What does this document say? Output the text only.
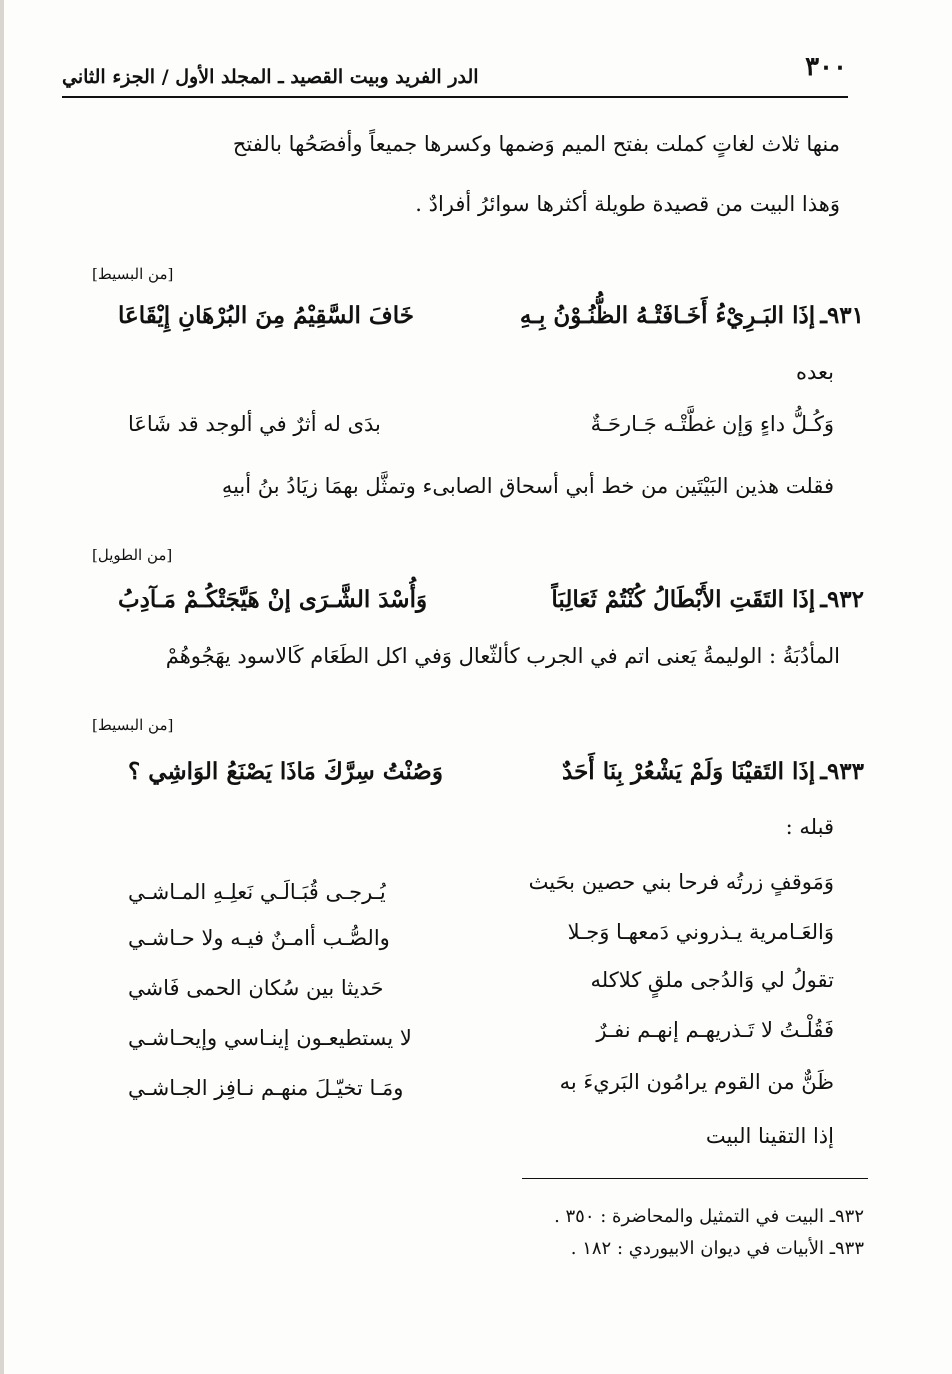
٣٠٠
الدر الفريد وبيت القصيد ـ المجلد الأول / الجزء الثاني
منها ثلاث لغاتٍ كملت بفتح الميم وَضمها وكسرها جميعاً وأفصَحُها بالفتح
وَهذا البيت من قصيدة طويلة أكثرها سوائرُ أفرادٌ .
[من البسيط]
٩٣١ـ إذَا البَـرِيْءُ أَخَـافَتْـهُ الظُّنُـوْنُ بِـهِ
خَافَ السَّقِيْمُ مِنَ البُرْهَانِ إِيْقَاعَا
بعده
وَكُـلُّ داءٍ وَإن غطَّتْـه جَـارحَـةٌ
بدَى له أثرٌ في ألوجد قد شَاعَا
فقلت هذين البَيْتَين من خط أبي أسحاق الصابىء وتمثَّل بهمَا زيَادُ بنُ أبيهِ
[من الطويل]
٩٣٢ـ إذَا التَقَتِ الأَبْطَالُ كُنْتُمْ ثَعَالِبَاً
وَأُسْدَ الشَّـرَى إنْ هَيَّجَتْكُـمْ مَـآدِبُ
المأدُبَةُ : الوليمةُ يَعنى اتم في الجرب كألثّعال وَفي اكل الطَعَام كَالاسود يهَجُوهُمْ
[من البسيط]
٩٣٣ـ إذَا التَقيْنَا وَلَمْ يَشْعُرْ بِنَا أَحَدٌ
وَصُنْتُ سِرَّكَ مَاذَا يَصْنَعُ الوَاشِي ؟
قبله :
وَمَوقفٍ زرتُه فرحا بني حصين بحَيث
يُـرجـى قُبَـالَـي نَعلِـهِ المـاشـي
وَالعَـامرية يـذروني دَمعهـا وَجـلا
والصُّـب أامـنٌ فيـه ولا حـاشـي
تقولُ لي وَالدُجى ملقٍ كلاكله
حَديثا بين سُكان الحمى فَاشي
فَقُلْـتُ لا تَـذريهـم إنهـم نفـرٌ
لا يستطيعـون إينـاسي وإيحـاشـي
ظَنٌّ من القوم يرامُون البَريءَ به
ومَـا تخيّـلَ منهـم نـافِز الجـاشـي
إذا التقينا البيت
٩٣٢ـ البيت في التمثيل والمحاضرة : ٣٥٠ .
٩٣٣ـ الأبيات في ديوان الابيوردي : ١٨٢ .
